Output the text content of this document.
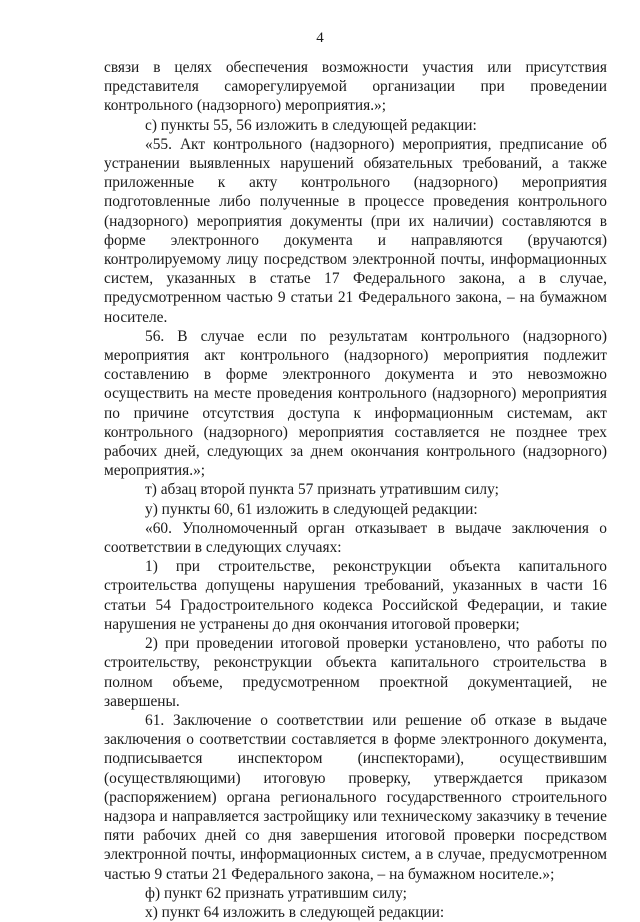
4

связи в целях обеспечения возможности участия или присутствия представителя саморегулируемой организации при проведении контрольного (надзорного) мероприятия.»;

с) пункты 55, 56 изложить в следующей редакции:

«55. Акт контрольного (надзорного) мероприятия, предписание об устранении выявленных нарушений обязательных требований, а также приложенные к акту контрольного (надзорного) мероприятия подготовленные либо полученные в процессе проведения контрольного (надзорного) мероприятия документы (при их наличии) составляются в форме электронного документа и направляются (вручаются) контролируемому лицу посредством электронной почты, информационных систем, указанных в статье 17 Федерального закона, а в случае, предусмотренном частью 9 статьи 21 Федерального закона, – на бумажном носителе.

56. В случае если по результатам контрольного (надзорного) мероприятия акт контрольного (надзорного) мероприятия подлежит составлению в форме электронного документа и это невозможно осуществить на месте проведения контрольного (надзорного) мероприятия по причине отсутствия доступа к информационным системам, акт контрольного (надзорного) мероприятия составляется не позднее трех рабочих дней, следующих за днем окончания контрольного (надзорного) мероприятия.»;

т) абзац второй пункта 57 признать утратившим силу;

у) пункты 60, 61 изложить в следующей редакции:

«60. Уполномоченный орган отказывает в выдаче заключения о соответствии в следующих случаях:

1) при строительстве, реконструкции объекта капитального строительства допущены нарушения требований, указанных в части 16 статьи 54 Градостроительного кодекса Российской Федерации, и такие нарушения не устранены до дня окончания итоговой проверки;

2) при проведении итоговой проверки установлено, что работы по строительству, реконструкции объекта капитального строительства в полном объеме, предусмотренном проектной документацией, не завершены.

61. Заключение о соответствии или решение об отказе в выдаче заключения о соответствии составляется в форме электронного документа, подписывается инспектором (инспекторами), осуществившим (осуществляющими) итоговую проверку, утверждается приказом (распоряжением) органа регионального государственного строительного надзора и направляется застройщику или техническому заказчику в течение пяти рабочих дней со дня завершения итоговой проверки посредством электронной почты, информационных систем, а в случае, предусмотренном частью 9 статьи 21 Федерального закона, – на бумажном носителе.»;

ф) пункт 62 признать утратившим силу;

х) пункт 64 изложить в следующей редакции:
